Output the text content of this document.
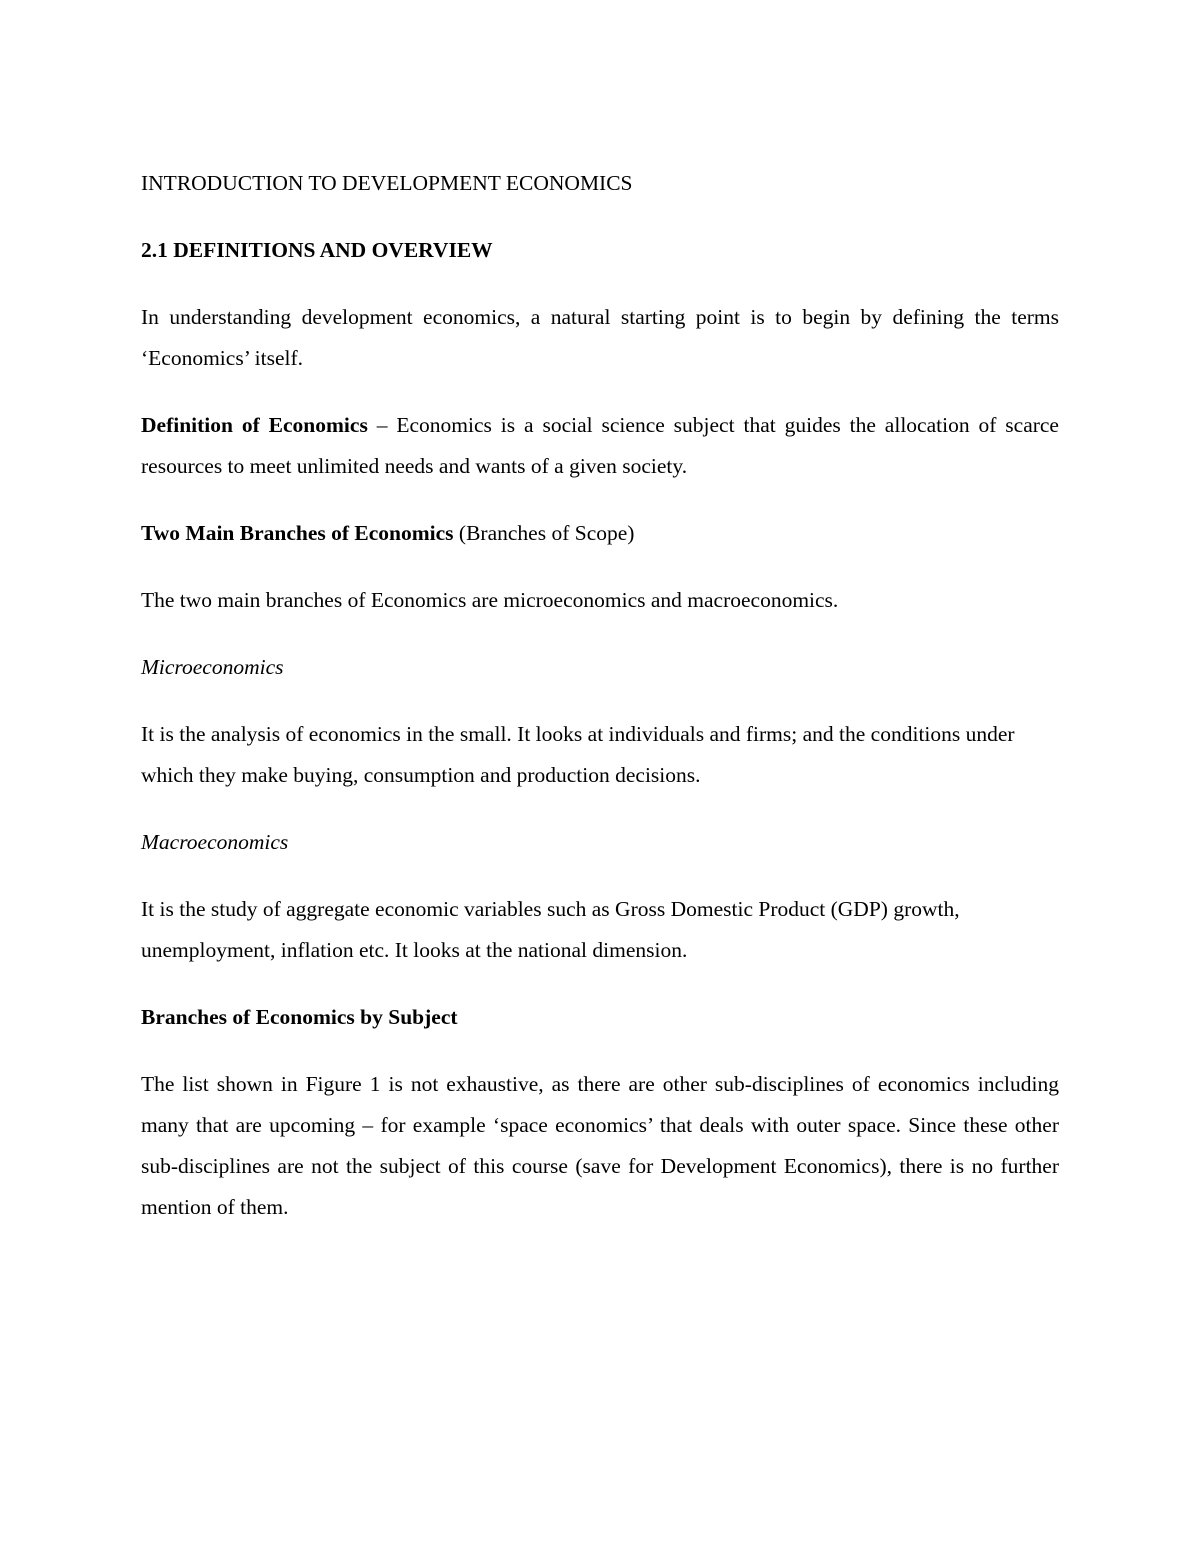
INTRODUCTION TO DEVELOPMENT ECONOMICS
2.1 DEFINITIONS AND OVERVIEW

In understanding development economics, a natural starting point is to begin by defining the terms ‘Economics’ itself.

Definition of Economics – Economics is a social science subject that guides the allocation of scarce resources to meet unlimited needs and wants of a given society.

Two Main Branches of Economics (Branches of Scope)

The two main branches of Economics are microeconomics and macroeconomics.

Microeconomics

It is the analysis of economics in the small. It looks at individuals and firms; and the conditions under which they make buying, consumption and production decisions.

Macroeconomics

It is the study of aggregate economic variables such as Gross Domestic Product (GDP) growth, unemployment, inflation etc. It looks at the national dimension.

Branches of Economics by Subject

The list shown in Figure 1 is not exhaustive, as there are other sub-disciplines of economics including many that are upcoming – for example ‘space economics’ that deals with outer space. Since these other sub-disciplines are not the subject of this course (save for Development Economics), there is no further mention of them.
